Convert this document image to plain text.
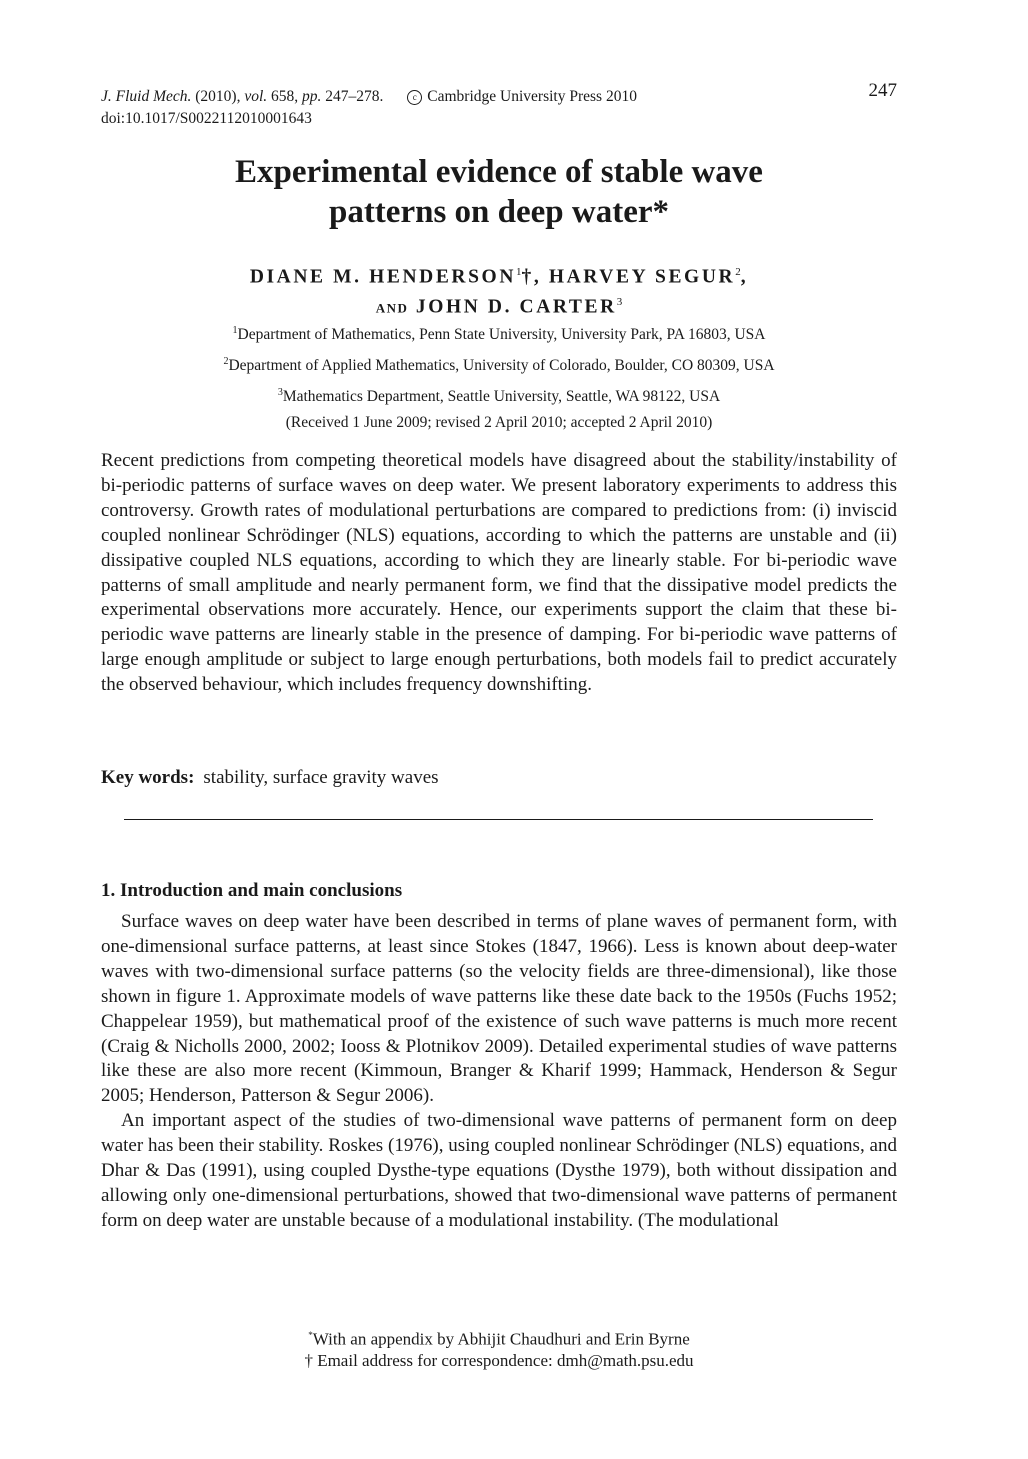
J. Fluid Mech. (2010), vol. 658, pp. 247–278.	c Cambridge University Press 2010	247
doi:10.1017/S0022112010001643
Experimental evidence of stable wave
patterns on deep water*
DIANE M. HENDERSON$^1$†, HARVEY SEGUR$^2$,
AND JOHN D. CARTER$^3$
$^1$Department of Mathematics, Penn State University, University Park, PA 16803, USA
$^2$Department of Applied Mathematics, University of Colorado, Boulder, CO 80309, USA
$^3$Mathematics Department, Seattle University, Seattle, WA 98122, USA
(Received 1 June 2009; revised 2 April 2010; accepted 2 April 2010)
Recent predictions from competing theoretical models have disagreed about the stability/instability of bi-periodic patterns of surface waves on deep water. We present laboratory experiments to address this controversy. Growth rates of modulational perturbations are compared to predictions from: (i) inviscid coupled nonlinear Schrödinger (NLS) equations, according to which the patterns are unstable and (ii) dissipative coupled NLS equations, according to which they are linearly stable. For bi-periodic wave patterns of small amplitude and nearly permanent form, we find that the dissipative model predicts the experimental observations more accurately. Hence, our experiments support the claim that these bi-periodic wave patterns are linearly stable in the presence of damping. For bi-periodic wave patterns of large enough amplitude or subject to large enough perturbations, both models fail to predict accurately the observed behaviour, which includes frequency downshifting.
Key words: stability, surface gravity waves
1. Introduction and main conclusions

Surface waves on deep water have been described in terms of plane waves of permanent form, with one-dimensional surface patterns, at least since Stokes (1847, 1966). Less is known about deep-water waves with two-dimensional surface patterns (so the velocity fields are three-dimensional), like those shown in figure 1. Approximate models of wave patterns like these date back to the 1950s (Fuchs 1952; Chappelear 1959), but mathematical proof of the existence of such wave patterns is much more recent (Craig & Nicholls 2000, 2002; Iooss & Plotnikov 2009). Detailed experimental studies of wave patterns like these are also more recent (Kimmoun, Branger & Kharif 1999; Hammack, Henderson & Segur 2005; Henderson, Patterson & Segur 2006).

An important aspect of the studies of two-dimensional wave patterns of permanent form on deep water has been their stability. Roskes (1976), using coupled nonlinear Schrödinger (NLS) equations, and Dhar & Das (1991), using coupled Dysthe-type equations (Dysthe 1979), both without dissipation and allowing only one-dimensional perturbations, showed that two-dimensional wave patterns of permanent form on deep water are unstable because of a modulational instability. (The modulational

*With an appendix by Abhijit Chaudhuri and Erin Byrne
† Email address for correspondence: dmh@math.psu.edu
